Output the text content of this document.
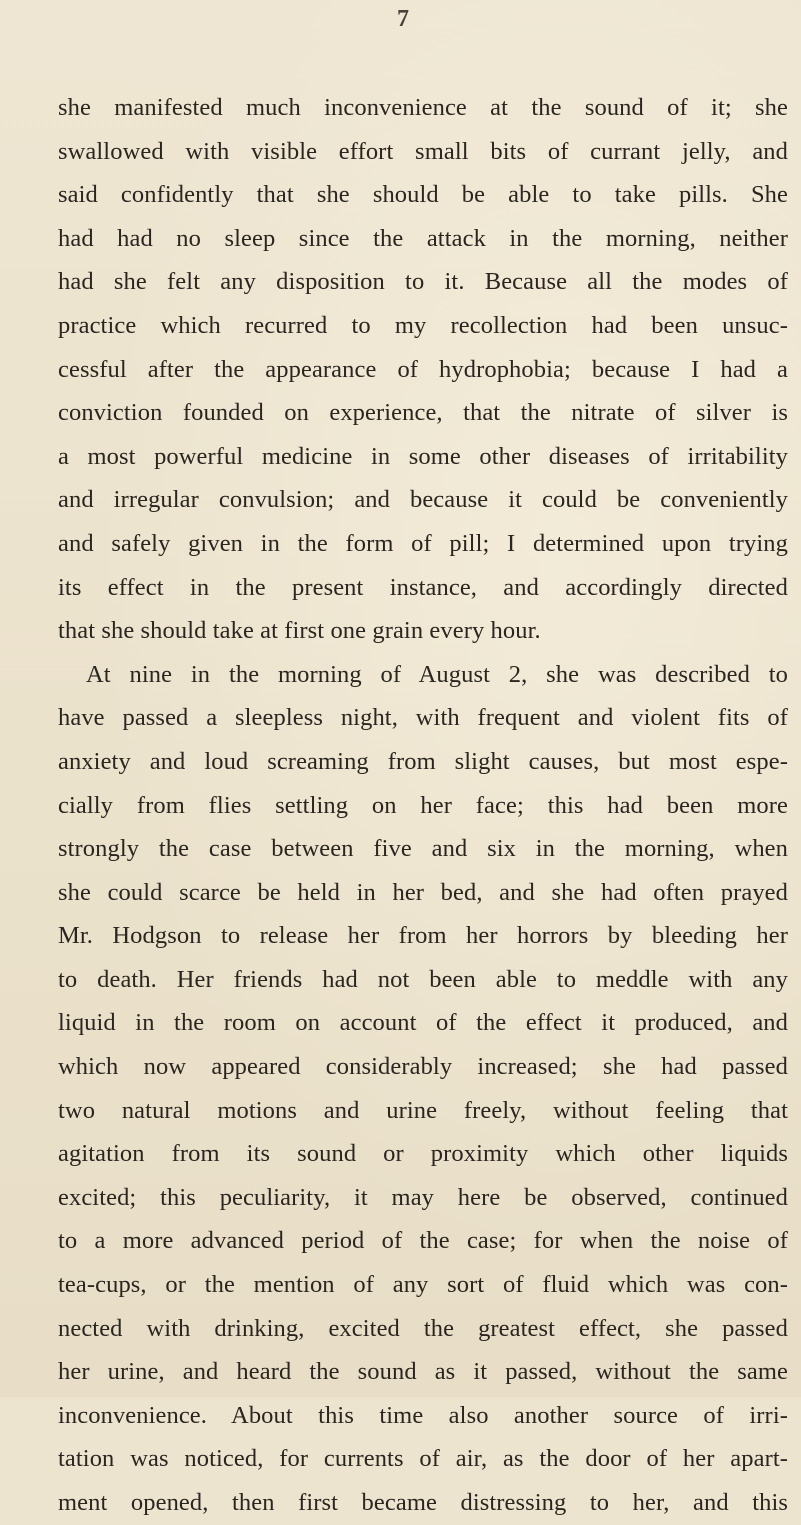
7
she manifested much inconvenience at the sound of it; she
swallowed with visible effort small bits of currant jelly, and
said confidently that she should be able to take pills. She
had had no sleep since the attack in the morning, neither
had she felt any disposition to it. Because all the modes of
practice which recurred to my recollection had been unsuc-
cessful after the appearance of hydrophobia; because I had a
conviction founded on experience, that the nitrate of silver is
a most powerful medicine in some other diseases of irritability
and irregular convulsion; and because it could be conveniently
and safely given in the form of pill; I determined upon trying
its effect in the present instance, and accordingly directed
that she should take at first one grain every hour.
At nine in the morning of August 2, she was described to
have passed a sleepless night, with frequent and violent fits of
anxiety and loud screaming from slight causes, but most espe-
cially from flies settling on her face; this had been more
strongly the case between five and six in the morning, when
she could scarce be held in her bed, and she had often prayed
Mr. Hodgson to release her from her horrors by bleeding her
to death. Her friends had not been able to meddle with any
liquid in the room on account of the effect it produced, and
which now appeared considerably increased; she had passed
two natural motions and urine freely, without feeling that
agitation from its sound or proximity which other liquids
excited; this peculiarity, it may here be observed, continued
to a more advanced period of the case; for when the noise of
tea-cups, or the mention of any sort of fluid which was con-
nected with drinking, excited the greatest effect, she passed
her urine, and heard the sound as it passed, without the same
inconvenience. About this time also another source of irri-
tation was noticed, for currents of air, as the door of her apart-
ment opened, then first became distressing to her, and this
